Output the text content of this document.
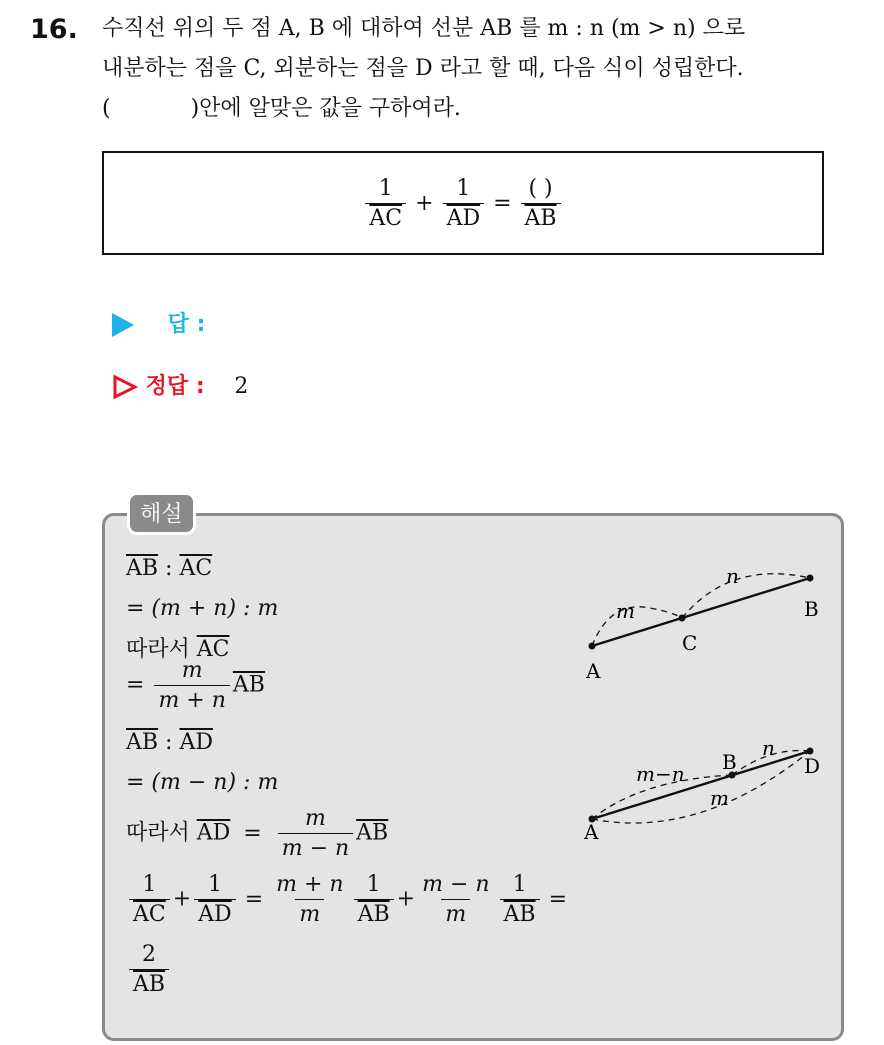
16. 수직선 위의 두 점 A, B 에 대하여 선분 AB 를 m : n (m > n) 으로
내분하는 점을 C, 외분하는 점을 D 라고 할 때, 다음 식이 성립한다.
(	)안에 알맞은 값을 구하여라.
$\frac{1}{AC} + \frac{1}{AD} = \frac{( )}{AB}$
답 :
정답 : 2
해설
$\overline{AB}$ : $\overline{AC}$
= (m + n) : m
따라서 $\overline{AC}$
= $\frac{m}{m + n} \overline{AB}$
$\overline{AB}$ : $\overline{AD}$
= (m − n) : m
따라서 $\overline{AD} = \frac{m}{m - n} \overline{AB}$
$\frac{1}{AC} + \frac{1}{AD} = \frac{m + n}{m} \frac{1}{AB} + \frac{m - n}{m} \frac{1}{AB}$ =
$\frac{2}{AB}$
A
C
B
m
n
A
B	D
m−n
n
m
